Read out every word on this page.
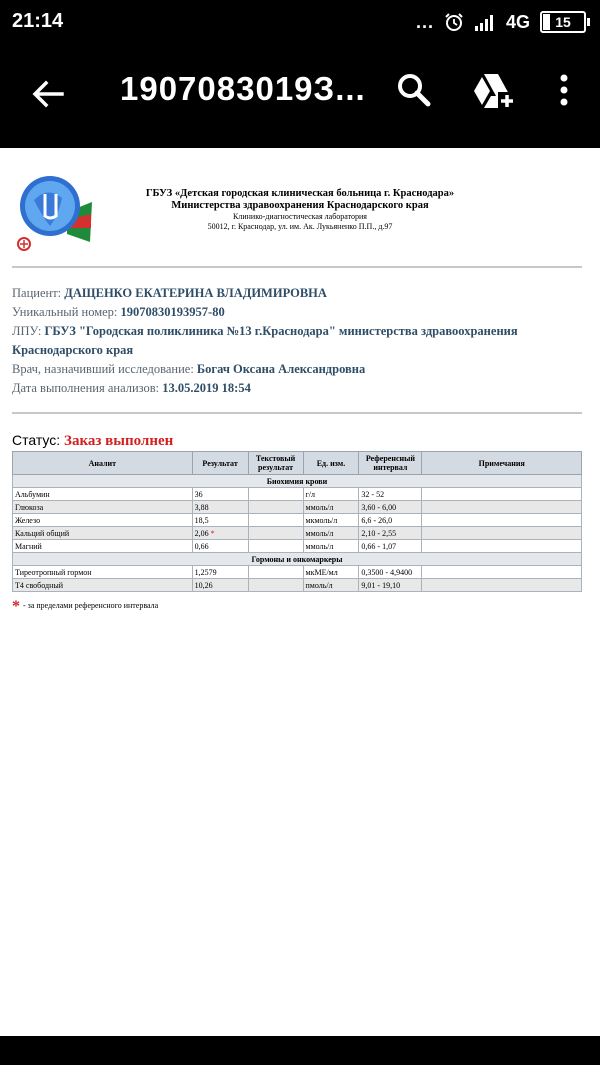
21:14	...	4G	15
1907083019З...
ГБУЗ «Детская городская клиническая больница г. Краснодара»
Министерства здравоохранения Краснодарского края
Клинико-диагностическая лаборатория
50012, г. Краснодар, ул. им. Ак. Лукьяненко П.П., д.97
Пациент: ДАЩЕНКО ЕКАТЕРИНА ВЛАДИМИРОВНА
Уникальный номер: 19070830193957-80
ЛПУ: ГБУЗ "Городская поликлиника №13 г.Краснодара" министерства здравоохранения Краснодарского края
Врач, назначивший исследование: Богач Оксана Александровна
Дата выполнения анализов: 13.05.2019 18:54
Статус: Заказ выполнен
Аналит	Результат	Текстовый результат	Ед. изм.	Референсный интервал	Примечания
Биохимия крови					
Альбумин	36		г/л	32 - 52	
Глюкоза	3,88		ммоль/л	3,60 - 6,00	
Железо	18,5		мкмоль/л	6,6 - 26,0	
Кальций общий	2,06 *		ммоль/л	2,10 - 2,55	
Магний	0,66		ммоль/л	0,66 - 1,07	
Гормоны и онкомаркеры					
Тиреотропный гормон	1,2579		мкМЕ/мл	0,3500 - 4,9400	
Т4 свободный	10,26		пмоль/л	9,01 - 19,10	
* - за пределами референсного интервала
